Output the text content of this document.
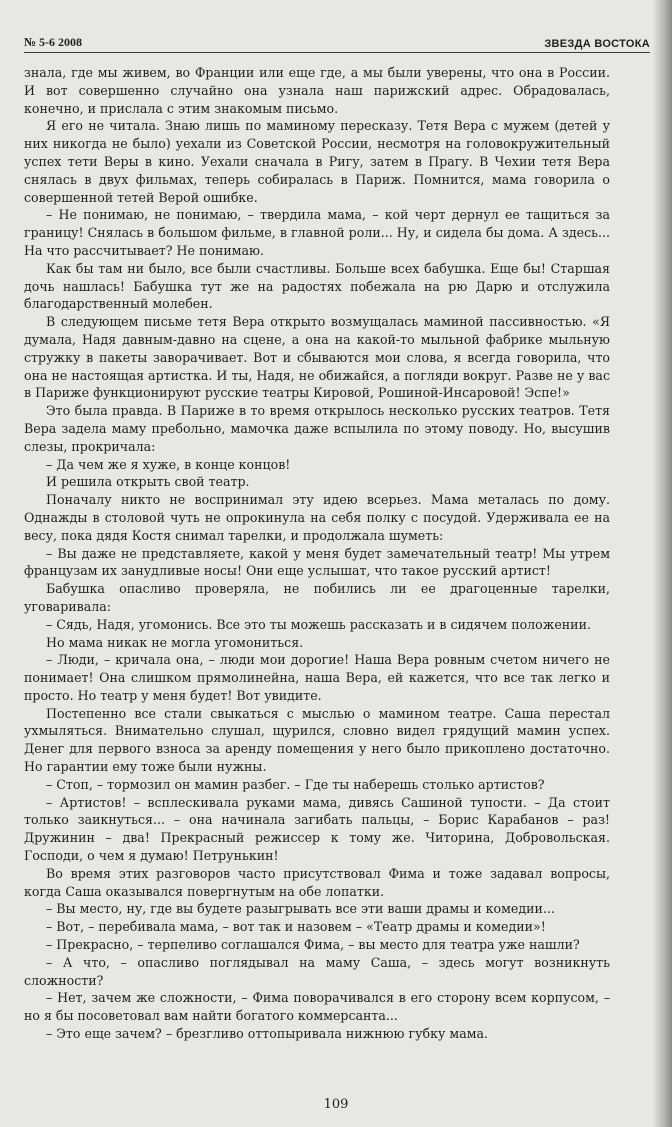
№ 5-6 2008	ЗВЕЗДА ВОСТОКА

знала, где мы живем, во Франции или еще где, а мы были уверены, что она в России. И вот совершенно случайно она узнала наш парижский адрес. Обрадовалась, конечно, и прислала с этим знакомым письмо.

Я его не читала. Знаю лишь по маминому пересказу. Тетя Вера с мужем (детей у них никогда не было) уехали из Советской России, несмотря на головокружительный успех тети Веры в кино. Уехали сначала в Ригу, затем в Прагу. В Чехии тетя Вера снялась в двух фильмах, теперь собиралась в Париж. Помнится, мама говорила о совершенной тетей Верой ошибке.

– Не понимаю, не понимаю, – твердила мама, – кой черт дернул ее тащиться за границу! Снялась в большом фильме, в главной роли... Ну, и сидела бы дома. А здесь... На что рассчитывает? Не понимаю.

Как бы там ни было, все были счастливы. Больше всех бабушка. Еще бы! Старшая дочь нашлась! Бабушка тут же на радостях побежала на рю Дарю и отслужила благодарственный молебен.

В следующем письме тетя Вера открыто возмущалась маминой пассивностью. «Я думала, Надя давным-давно на сцене, а она на какой-то мыльной фабрике мыльную стружку в пакеты заворачивает. Вот и сбываются мои слова, я всегда говорила, что она не настоящая артистка. И ты, Надя, не обижайся, а погляди вокруг. Разве не у вас в Париже функционируют русские театры Кировой, Рошиной-Инсаровой! Эспе!»

Это была правда. В Париже в то время открылось несколько русских театров. Тетя Вера задела маму пребольно, мамочка даже вспылила по этому поводу. Но, высушив слезы, прокричала:

– Да чем же я хуже, в конце концов!

И решила открыть свой театр.

Поначалу никто не воспринимал эту идею всерьез. Мама металась по дому. Однажды в столовой чуть не опрокинула на себя полку с посудой. Удерживала ее на весу, пока дядя Костя снимал тарелки, и продолжала шуметь:

– Вы даже не представляете, какой у меня будет замечательный театр! Мы утрем французам их занудливые носы! Они еще услышат, что такое русский артист!

Бабушка опасливо проверяла, не побились ли ее драгоценные тарелки, уговаривала:

– Сядь, Надя, угомонись. Все это ты можешь рассказать и в сидячем положении.

Но мама никак не могла угомониться.

– Люди, – кричала она, – люди мои дорогие! Наша Вера ровным счетом ничего не понимает! Она слишком прямолинейна, наша Вера, ей кажется, что все так легко и просто. Но театр у меня будет! Вот увидите.

Постепенно все стали свыкаться с мыслью о мамином театре. Саша перестал ухмыляться. Внимательно слушал, щурился, словно видел грядущий мамин успех. Денег для первого взноса за аренду помещения у него было прикоплено достаточно. Но гарантии ему тоже были нужны.

– Стоп, – тормозил он мамин разбег. – Где ты наберешь столько артистов?

– Артистов! – всплескивала руками мама, дивясь Сашиной тупости. – Да стоит только заикнуться... – она начинала загибать пальцы, – Борис Карабанов – раз! Дружинин – два! Прекрасный режиссер к тому же. Читорина, Добровольская. Господи, о чем я думаю! Петрунькин!

Во время этих разговоров часто присутствовал Фима и тоже задавал вопросы, когда Саша оказывался повергнутым на обе лопатки.

– Вы место, ну, где вы будете разыгрывать все эти ваши драмы и комедии...

– Вот, – перебивала мама, – вот так и назовем – «Театр драмы и комедии»!

– Прекрасно, – терпеливо соглашался Фима, – вы место для театра уже нашли?

– А что, – опасливо поглядывал на маму Саша, – здесь могут возникнуть сложности?

– Нет, зачем же сложности, – Фима поворачивался в его сторону всем корпусом, – но я бы посоветовал вам найти богатого коммерсанта...

– Это еще зачем? – брезгливо оттопыривала нижнюю губку мама.

109
